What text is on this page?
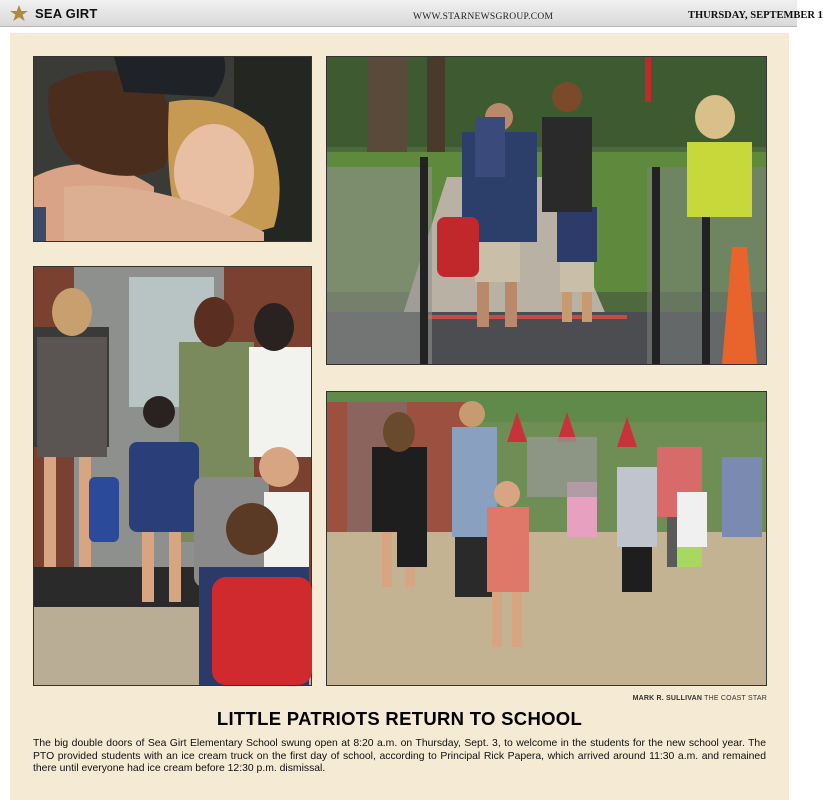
SEA GIRT	WWW.STARNEWSGROUP.COM	THURSDAY, SEPTEMBER 1
MARK R. SULLIVAN THE COAST STAR
LITTLE PATRIOTS RETURN TO SCHOOL
The big double doors of Sea Girt Elementary School swung open at 8:20 a.m. on Thursday, Sept. 3, to welcome in the students for the new school year. The PTO provided students with an ice cream truck on the first day of school, according to Principal Rick Papera, which arrived around 11:30 a.m. and remained there until everyone had ice cream before 12:30 p.m. dismissal.
